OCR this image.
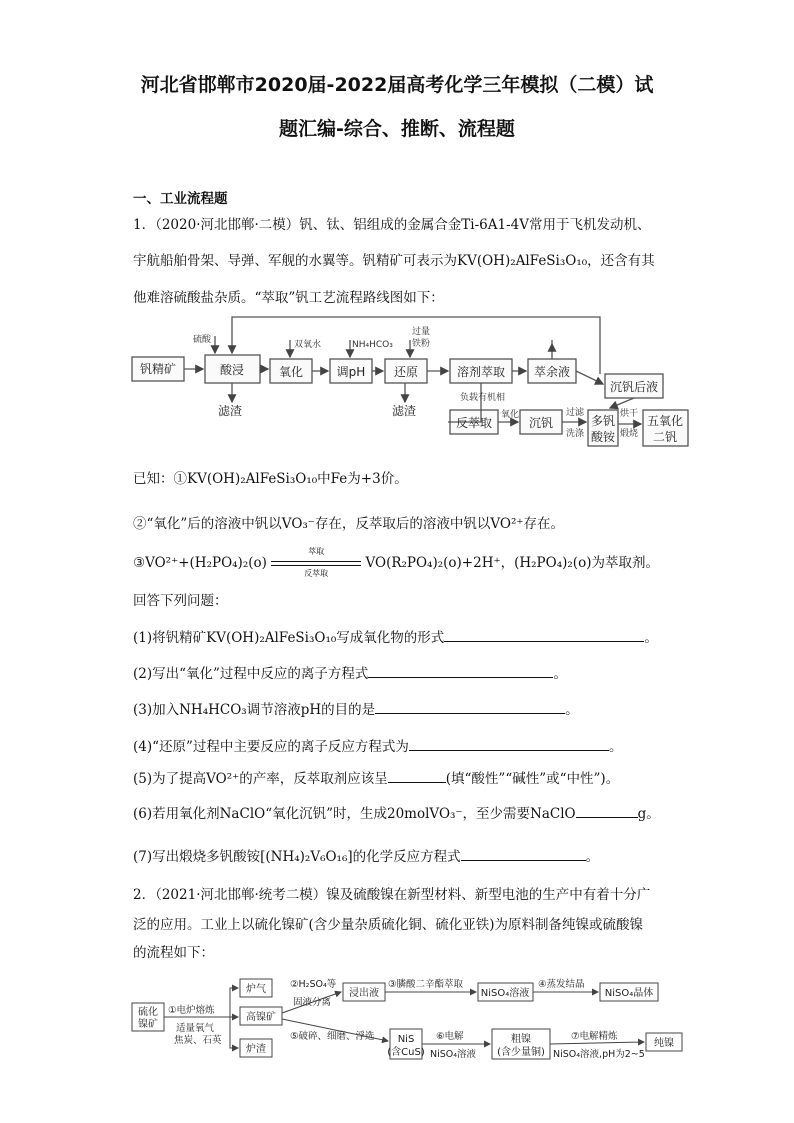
河北省邯郸市2020届-2022届高考化学三年模拟（二模）试
题汇编-综合、推断、流程题
一、工业流程题
1．（2020·河北邯郸·二模）钒、钛、铝组成的金属合金Ti-6A1-4V常用于飞机发动机、
宇航船舶骨架、导弹、军舰的水翼等。钒精矿可表示为KV(OH)₂AlFeSi₃O₁₀，还含有其
他难溶硫酸盐杂质。“萃取”钒工艺流程路线图如下：
钒精矿	酸浸	氧化	调pH 还原	溶剂萃取 萃余液
沉钒后液
反萃取	沉钒	多钒
酸铵
五氧化
二钒
硫酸	双氧水	NH₄HCO₃
过量
铁粉
负载有机相
氧化	过滤
洗涤
烘干
煅烧
滤渣	滤渣
已知：①KV(OH)₂AlFeSi₃O₁₀中Fe为+3价。
②“氧化”后的溶液中钒以VO₃⁻存在，反萃取后的溶液中钒以VO²⁺存在。
③VO²⁺+(H₂PO₄)₂(o)
萃取
反萃取
VO(R₂PO₄)₂(o)+2H⁺，(H₂PO₄)₂(o)为萃取剂。
回答下列问题：
(1)将钒精矿KV(OH)₂AlFeSi₃O₁₀写成氧化物的形式	。
(2)写出“氧化”过程中反应的离子方程式	。
(3)加入NH₄HCO₃调节溶液pH的目的是	。
(4)“还原”过程中主要反应的离子反应方程式为	。
(5)为了提高VO²⁺的产率，反萃取剂应该呈	(填“酸性”“碱性”或“中性”)。
(6)若用氧化剂NaClO“氧化沉钒”时，生成20molVO₃⁻，至少需要NaClO	g。
(7)写出煅烧多钒酸铵[(NH₄)₂V₆O₁₆]的化学反应方程式	。
2．（2021·河北邯郸·统考二模）镍及硫酸镍在新型材料、新型电池的生产中有着十分广
泛的应用。工业上以硫化镍矿(含少量杂质硫化铜、硫化亚铁)为原料制备纯镍或硫酸镍
的流程如下：
硫化
镍矿
炉气
高镍矿
炉渣
浸出液	NiSO₄溶液	NiSO₄晶体
NiS
(含CuS)
粗镍
(含少量铜)
纯镍
①电炉熔炼
适量氧气
焦炭、石英
②H₂SO₄等
固液分离
③膦酸二辛酯萃取	④蒸发结晶
⑤破碎、细磨、浮选	⑥电解
NiSO₄溶液
⑦电解精炼
NiSO₄溶液,pH为2~5
